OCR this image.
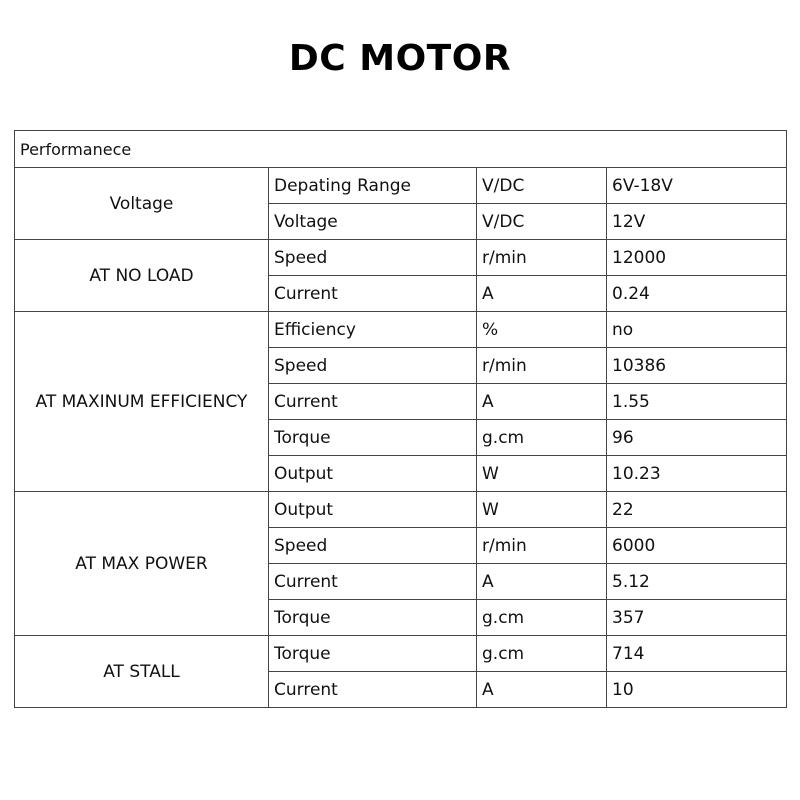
DC MOTOR
Performanece			
Voltage	Depating Range	V/DC	6V-18V
	Voltage	V/DC	12V
AT NO LOAD	Speed	r/min	12000
	Current	A	0.24
AT MAXINUM EFFICIENCY	Efficiency	%	no
	Speed	r/min	10386
	Current	A	1.55
	Torque	g.cm	96
	Output	W	10.23
AT MAX POWER	Output	W	22
	Speed	r/min	6000
	Current	A	5.12
	Torque	g.cm	357
AT STALL	Torque	g.cm	714
	Current	A	10
